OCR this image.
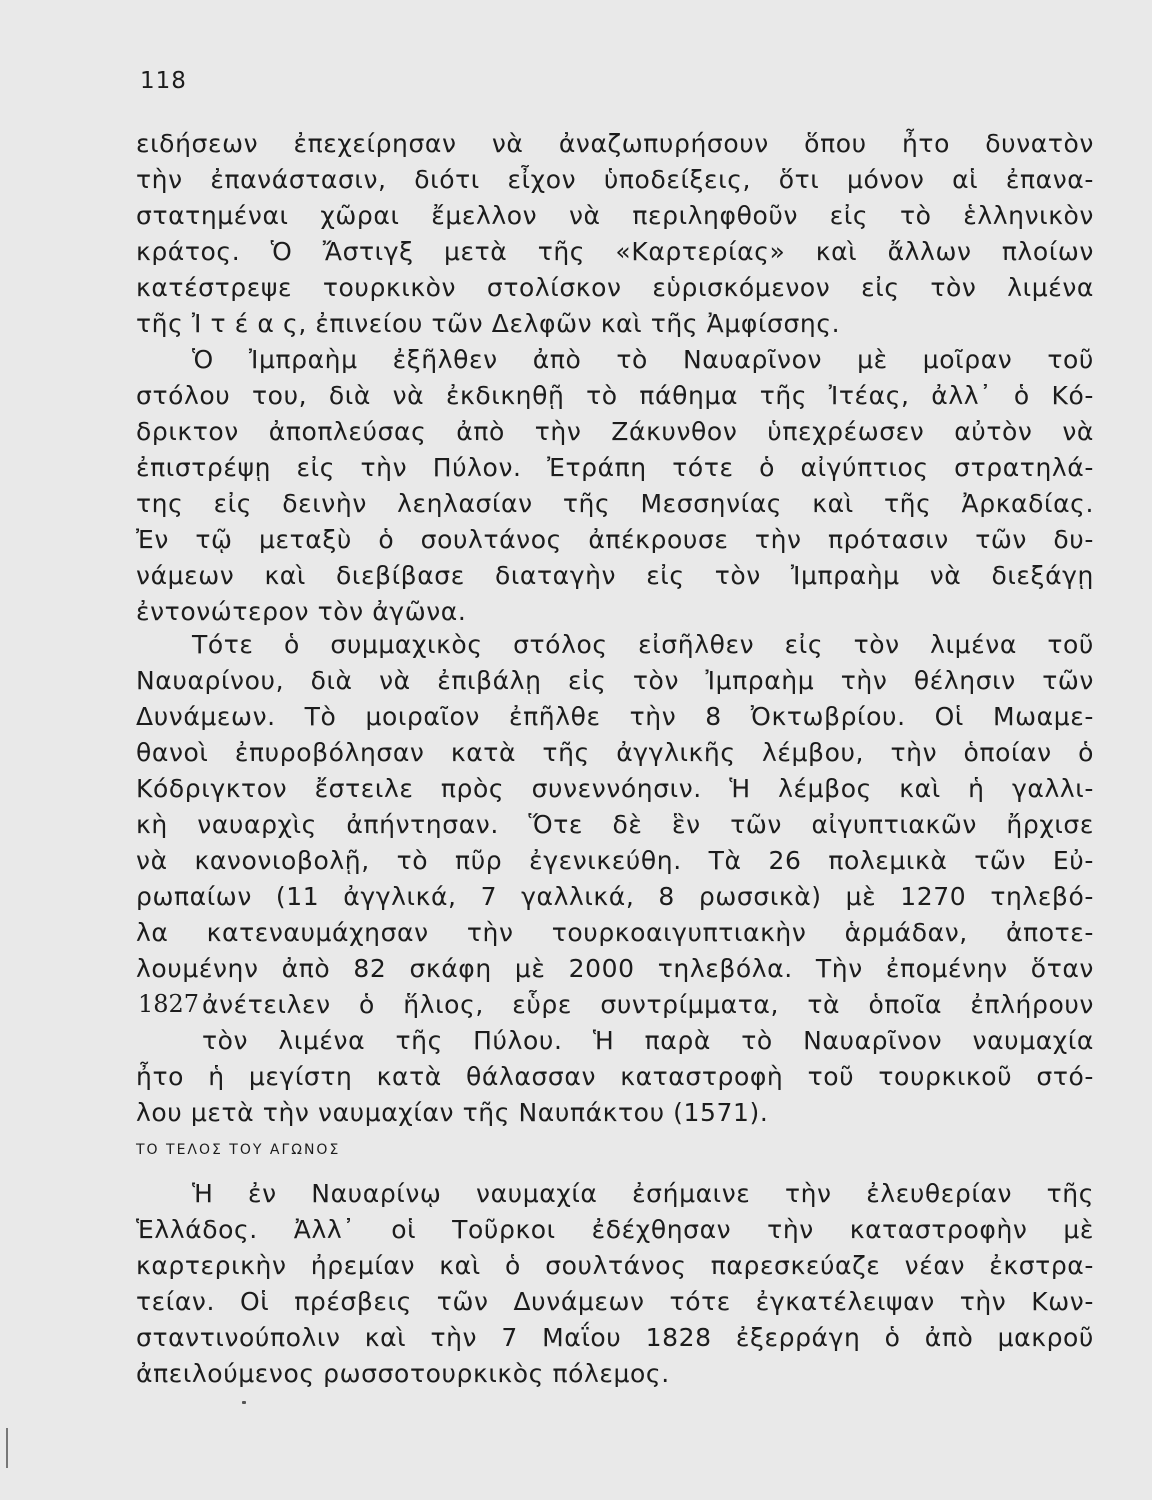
118
ειδήσεων ἐπεχείρησαν νὰ ἀναζωπυρήσουν ὅπου ἦτο δυνατὸν
τὴν ἐπανάστασιν, διότι εἶχον ὑποδείξεις, ὅτι μόνον αἱ ἐπανα-
στατημέναι χῶραι ἔμελλον νὰ περιληφθοῦν εἰς τὸ ἑλληνικὸν
κράτος. Ὁ Ἄστιγξ μετὰ τῆς «Καρτερίας» καὶ ἄλλων πλοίων
κατέστρεψε τουρκικὸν στολίσκον εὑρισκόμενον εἰς τὸν λιμένα
τῆς Ἰ τ έ α ς, ἐπινείου τῶν Δελφῶν καὶ τῆς Ἀμφίσσης.
Ὁ Ἰμπραὴμ ἐξῆλθεν ἀπὸ τὸ Ναυαρῖνον μὲ μοῖραν τοῦ
στόλου του, διὰ νὰ ἐκδικηθῇ τὸ πάθημα τῆς Ἰτέας, ἀλλ᾽ ὁ Κό-
δρικτον ἀποπλεύσας ἀπὸ τὴν Ζάκυνθον ὑπεχρέωσεν αὐτὸν νὰ
ἐπιστρέψῃ εἰς τὴν Πύλον. Ἐτράπη τότε ὁ αἰγύπτιος στρατηλά-
της εἰς δεινὴν λεηλασίαν τῆς Μεσσηνίας καὶ τῆς Ἀρκαδίας.
Ἐν τῷ μεταξὺ ὁ σουλτάνος ἀπέκρουσε τὴν πρότασιν τῶν δυ-
νάμεων καὶ διεβίβασε διαταγὴν εἰς τὸν Ἰμπραὴμ νὰ διεξάγῃ
ἐντονώτερον τὸν ἀγῶνα.
Τότε ὁ συμμαχικὸς στόλος εἰσῆλθεν εἰς τὸν λιμένα τοῦ
Ναυαρίνου, διὰ νὰ ἐπιβάλῃ εἰς τὸν Ἰμπραὴμ τὴν θέλησιν τῶν
Δυνάμεων. Τὸ μοιραῖον ἐπῆλθε τὴν 8 Ὀκτωβρίου. Οἱ Μωαμε-
θανοὶ ἐπυροβόλησαν κατὰ τῆς ἀγγλικῆς λέμβου, τὴν ὁποίαν ὁ
Κόδριγκτον ἔστειλε πρὸς συνεννόησιν. Ἡ λέμβος καὶ ἡ γαλλι-
κὴ ναυαρχὶς ἀπήντησαν. Ὅτε δὲ ἓν τῶν αἰγυπτιακῶν ἤρχισε
νὰ κανονιοβολῇ, τὸ πῦρ ἐγενικεύθη. Τὰ 26 πολεμικὰ τῶν Εὐ-
ρωπαίων (11 ἀγγλικά, 7 γαλλικά, 8 ρωσσικὰ) μὲ 1270 τηλεβό-
λα κατεναυμάχησαν τὴν τουρκοαιγυπτιακὴν ἁρμάδαν, ἀποτε-
λουμένην ἀπὸ 82 σκάφη μὲ 2000 τηλεβόλα. Τὴν ἐπομένην ὅταν
ἀνέτειλεν ὁ ἥλιος, εὗρε συντρίμματα, τὰ ὁποῖα ἐπλήρουν
τὸν λιμένα τῆς Πύλου. Ἡ παρὰ τὸ Ναυαρῖνον ναυμαχία
ἦτο ἡ μεγίστη κατὰ θάλασσαν καταστροφὴ τοῦ τουρκικοῦ στό-
λου μετὰ τὴν ναυμαχίαν τῆς Ναυπάκτου (1571).
1827
ΤΟ ΤΕΛΟΣ ΤΟΥ ΑΓΩΝΟΣ
Ἡ ἐν Ναυαρίνῳ ναυμαχία ἐσήμαινε τὴν ἐλευθερίαν τῆς
Ἑλλάδος. Ἀλλ᾽ οἱ Τοῦρκοι ἐδέχθησαν τὴν καταστροφὴν μὲ
καρτερικὴν ἠρεμίαν καὶ ὁ σουλτάνος παρεσκεύαζε νέαν ἐκστρα-
τείαν. Οἱ πρέσβεις τῶν Δυνάμεων τότε ἐγκατέλειψαν τὴν Κων-
σταντινούπολιν καὶ τὴν 7 Μαΐου 1828 ἐξερράγη ὁ ἀπὸ μακροῦ
ἀπειλούμενος ρωσσοτουρκικὸς πόλεμος.
